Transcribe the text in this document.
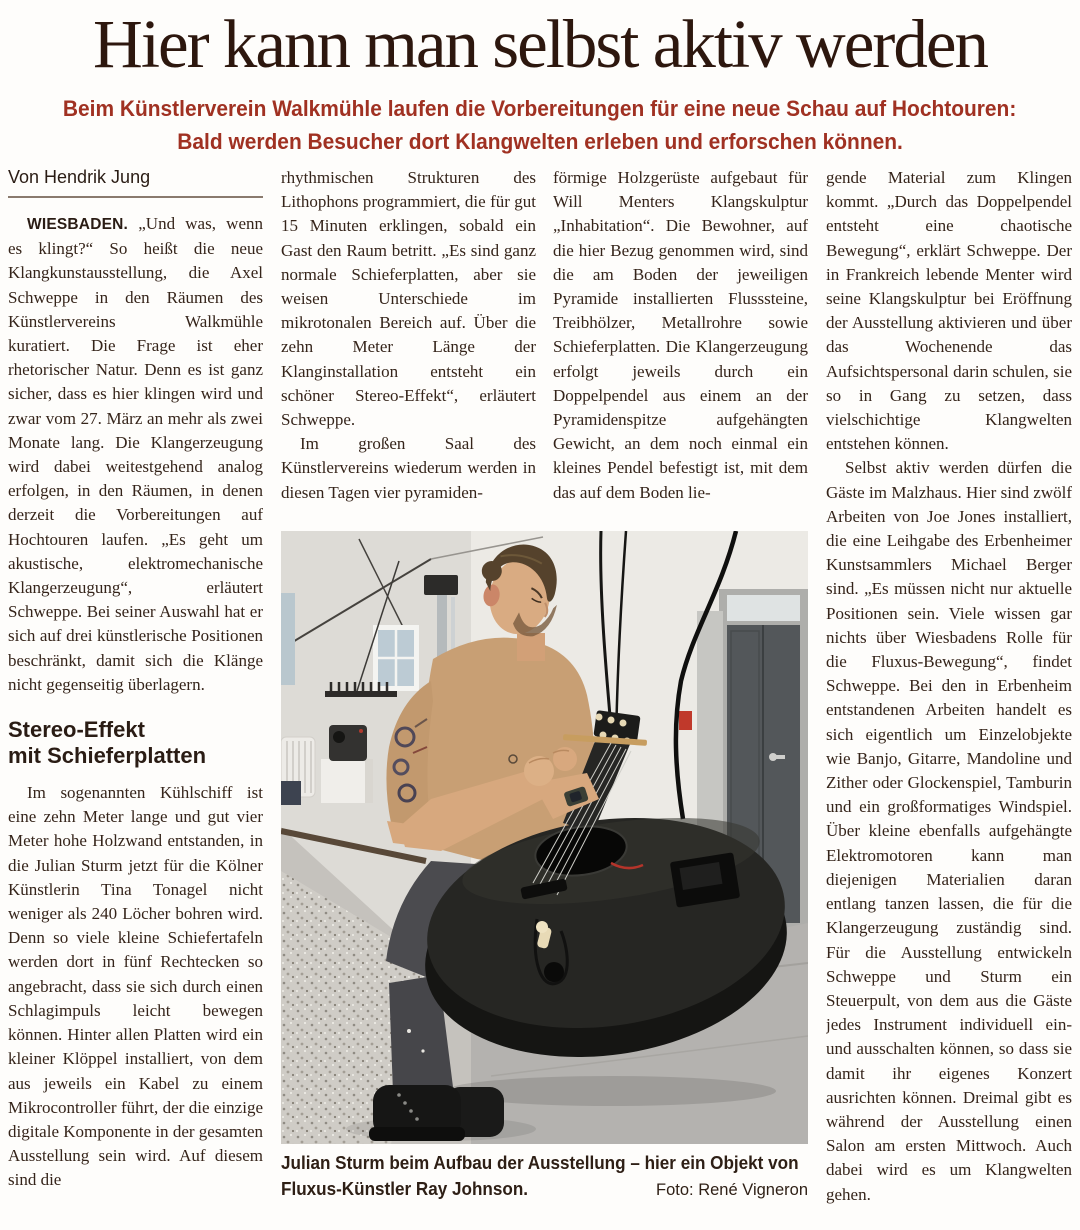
Hier kann man selbst aktiv werden
Beim Künstlerverein Walkmühle laufen die Vorbereitungen für eine neue Schau auf Hochtouren:
Bald werden Besucher dort Klangwelten erleben und erforschen können.
Von Hendrik Jung

WIESBADEN. „Und was, wenn es klingt?“ So heißt die neue Klangkunstausstellung, die Axel Schweppe in den Räumen des Künstlervereins Walkmühle kuratiert. Die Frage ist eher rhetorischer Natur. Denn es ist ganz sicher, dass es hier klingen wird und zwar vom 27. März an mehr als zwei Monate lang. Die Klangerzeugung wird dabei weitestgehend analog erfolgen, in den Räumen, in denen derzeit die Vorbereitungen auf Hochtouren laufen. „Es geht um akustische, elektromechanische Klangerzeugung“, erläutert Schweppe. Bei seiner Auswahl hat er sich auf drei künstlerische Positionen beschränkt, damit sich die Klänge nicht gegenseitig überlagern.

Stereo-Effekt
mit Schieferplatten

Im sogenannten Kühlschiff ist eine zehn Meter lange und gut vier Meter hohe Holzwand entstanden, in die Julian Sturm jetzt für die Kölner Künstlerin Tina Tonagel nicht weniger als 240 Löcher bohren wird. Denn so viele kleine Schiefertafeln werden dort in fünf Rechtecken so angebracht, dass sie sich durch einen Schlagimpuls leicht bewegen können. Hinter allen Platten wird ein kleiner Klöppel installiert, von dem aus jeweils ein Kabel zu einem Mikrocontroller führt, der die einzige digitale Komponente in der gesamten Ausstellung sein wird. Auf diesem sind die

rhythmischen Strukturen des Lithophons programmiert, die für gut 15 Minuten erklingen, sobald ein Gast den Raum betritt. „Es sind ganz normale Schieferplatten, aber sie weisen Unterschiede im mikrotonalen Bereich auf. Über die zehn Meter Länge der Klanginstallation entsteht ein schöner Stereo-Effekt“, erläutert Schweppe.

Im großen Saal des Künstlervereins wiederum werden in diesen Tagen vier pyramiden-

förmige Holzgerüste aufgebaut für Will Menters Klangskulptur „Inhabitation“. Die Bewohner, auf die hier Bezug genommen wird, sind die am Boden der jeweiligen Pyramide installierten Flusssteine, Treibhölzer, Metallrohre sowie Schieferplatten. Die Klangerzeugung erfolgt jeweils durch ein Doppelpendel aus einem an der Pyramidenspitze aufgehängten Gewicht, an dem noch einmal ein kleines Pendel befestigt ist, mit dem das auf dem Boden lie-

gende Material zum Klingen kommt. „Durch das Doppelpendel entsteht eine chaotische Bewegung“, erklärt Schweppe. Der in Frankreich lebende Menter wird seine Klangskulptur bei Eröffnung der Ausstellung aktivieren und über das Wochenende das Aufsichtspersonal darin schulen, sie so in Gang zu setzen, dass vielschichtige Klangwelten entstehen können.

Selbst aktiv werden dürfen die Gäste im Malzhaus. Hier sind zwölf Arbeiten von Joe Jones installiert, die eine Leihgabe des Erbenheimer Kunstsammlers Michael Berger sind. „Es müssen nicht nur aktuelle Positionen sein. Viele wissen gar nichts über Wiesbadens Rolle für die Fluxus-Bewegung“, findet Schweppe. Bei den in Erbenheim entstandenen Arbeiten handelt es sich eigentlich um Einzelobjekte wie Banjo, Gitarre, Mandoline und Zither oder Glockenspiel, Tamburin und ein großformatiges Windspiel. Über kleine ebenfalls aufgehängte Elektromotoren kann man diejenigen Materialien daran entlang tanzen lassen, die für die Klangerzeugung zuständig sind. Für die Ausstellung entwickeln Schweppe und Sturm ein Steuerpult, von dem aus die Gäste jedes Instrument individuell ein- und ausschalten können, so dass sie damit ihr eigenes Konzert ausrichten können. Dreimal gibt es während der Ausstellung einen Salon am ersten Mittwoch. Auch dabei wird es um Klangwelten gehen.

Julian Sturm beim Aufbau der Ausstellung – hier ein Objekt von
Fluxus-Künstler Ray Johnson.	Foto: René Vigneron
